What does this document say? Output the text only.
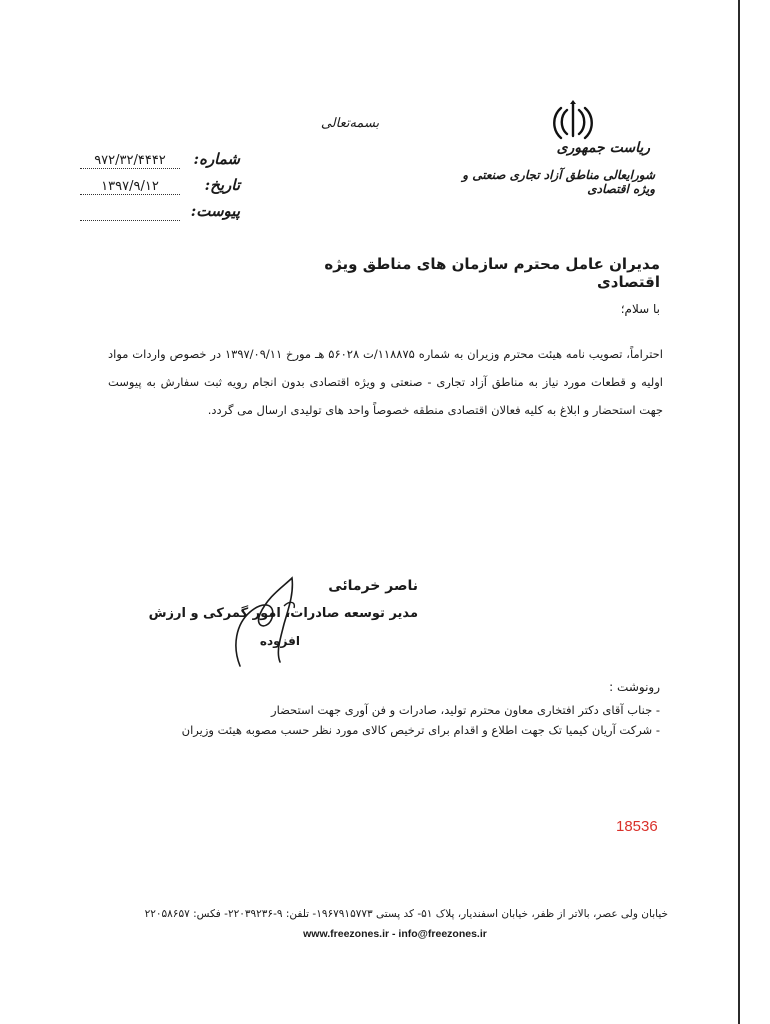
بسمه‌تعالی
ریاست جمهوری
شورایعالی مناطق آزاد تجاری صنعتی و ویژه اقتصادی
شماره:۹۷۲/۳۲/۴۴۴۲
تاریخ:۱۳۹۷/۹/۱۲
پیوست:
مدیران عامل محترم سازمان های مناطق ویژه اقتصادی
با سلام؛
احتراماً، تصویب نامه هیئت محترم وزیران به شماره ۱۱۸۸۷۵/ت ۵۶۰۲۸ هـ مورخ ۱۳۹۷/۰۹/۱۱ در خصوص واردات مواد اولیه و قطعات مورد نیاز به مناطق آزاد تجاری - صنعتی و ویژه اقتصادی بدون انجام رویه ثبت سفارش به پیوست جهت استحضار و ابلاغ به کلیه فعالان اقتصادی منطقه خصوصاً واحد های تولیدی ارسال می گردد.
ناصر خرمائی
مدیر توسعه صادرات، امور گمرکی و ارزش
افزوده
رونوشت :
- جناب آقای دکتر افتخاری معاون محترم تولید، صادرات و فن آوری جهت استحضار
- شرکت آریان کیمیا تک جهت اطلاع و اقدام برای ترخیص کالای مورد نظر حسب مصوبه هیئت وزیران
18536
خیابان ولی عصر، بالاتر از ظفر، خیابان اسفندیار، پلاک ۵۱- کد پستی ۱۹۶۷۹۱۵۷۷۳- تلفن: ۹-۲۲۰۳۹۲۳۶- فکس: ۲۲۰۵۸۶۵۷
www.freezones.ir - info@freezones.ir
